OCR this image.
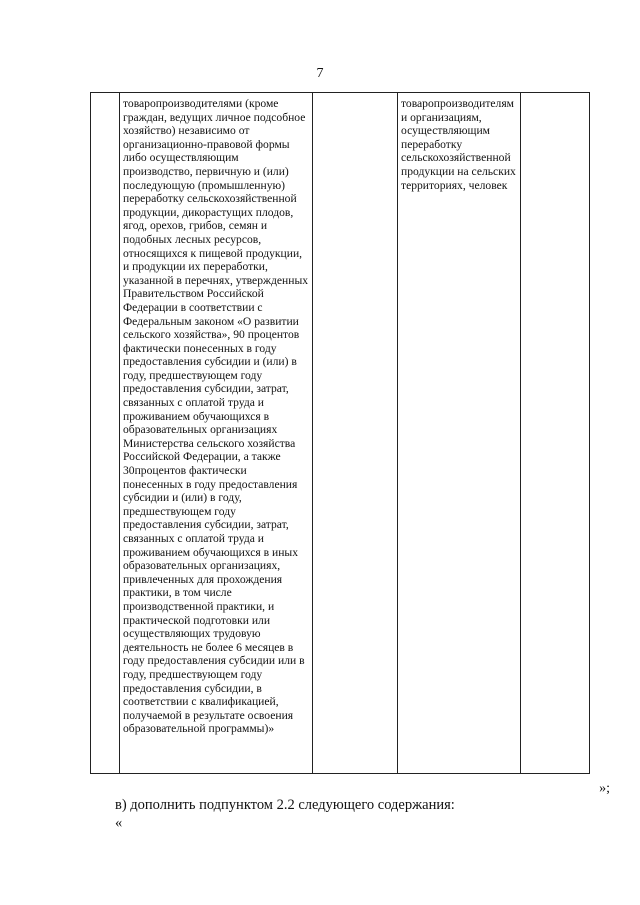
7
	товаропроизводителями (кроме граждан, ведущих личное подсобное хозяйство) независимо от организационно-правовой формы либо осуществляющим производство, первичную и (или) последующую (промышленную) переработку сельскохозяйственной продукции, дикорастущих плодов, ягод, орехов, грибов, семян и подобных лесных ресурсов, относящихся к пищевой продукции, и продукции их переработки, указанной в перечнях, утвержденных Правительством Российской Федерации в соответствии с Федеральным законом «О развитии сельского хозяйства», 90 процентов фактически понесенных в году предоставления субсидии и (или) в году, предшествующем году предоставления субсидии, затрат, связанных с оплатой труда и проживанием обучающихся в образовательных организациях Министерства сельского хозяйства Российской Федерации, а также 30процентов фактически понесенных в году предоставления субсидии и (или) в году, предшествующем году предоставления субсидии, затрат, связанных с оплатой труда и проживанием обучающихся в иных образовательных организациях, привлеченных для прохождения практики, в том числе производственной практики, и практической подготовки или осуществляющих трудовую деятельность не более 6 месяцев в году предоставления субсидии или в году, предшествующем году предоставления субсидии, в соответствии с квалификацией, получаемой в результате освоения образовательной программы)»		товаропроизводителям и организациям, осуществляющим переработку сельскохозяйственной продукции на сельских территориях, человек	
»;
в) дополнить подпунктом 2.2 следующего содержания:
«
